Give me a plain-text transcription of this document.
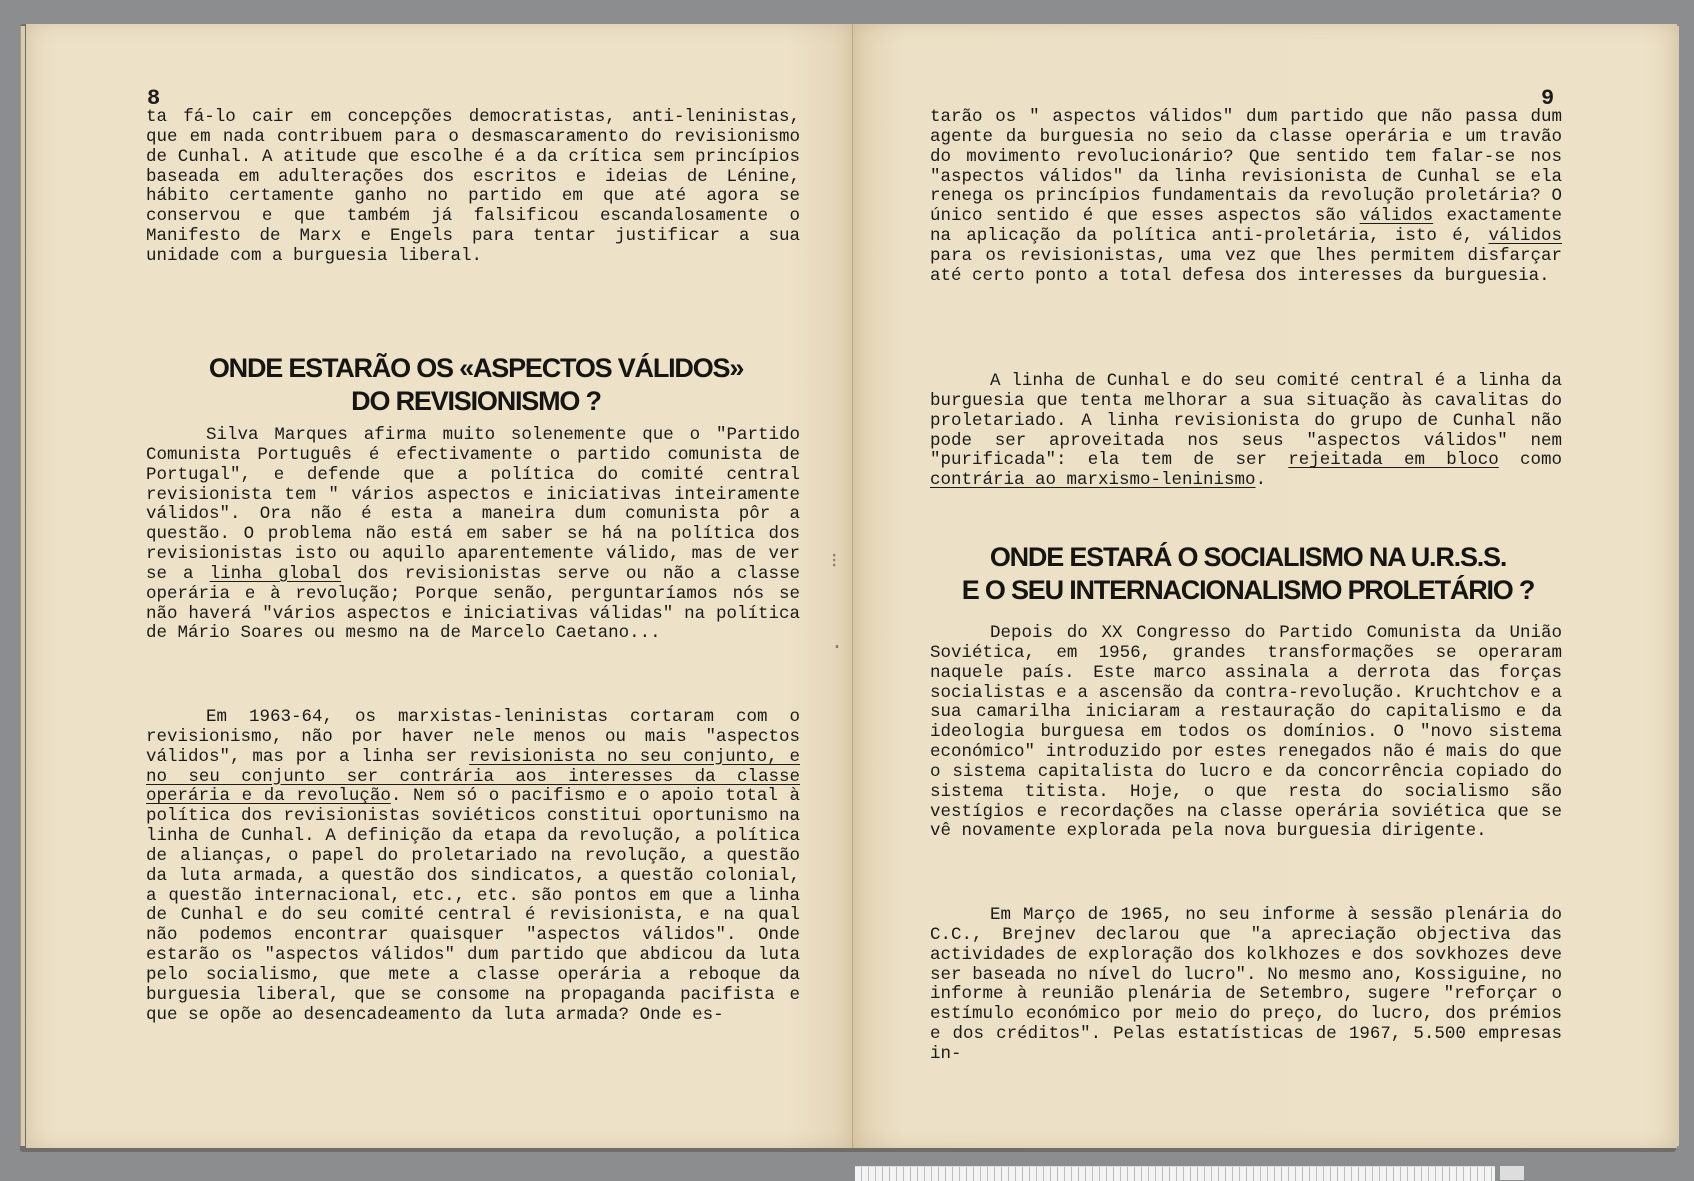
8

ta fá-lo cair em concepções democratistas, anti-leninistas, que em nada contribuem para o desmascaramento do revisionismo de Cunhal. A atitude que escolhe é a da crítica sem princípios baseada em adulterações dos escritos e ideias de Lénine, hábito certamente ganho no partido em que até agora se conservou e que também já falsificou escandalosamente o Manifesto de Marx e Engels para tentar justificar a sua unidade com a burguesia liberal.

ONDE ESTARÃO OS «ASPECTOS VÁLIDOS»
DO REVISIONISMO ?

Silva Marques afirma muito solenemente que o "Partido Comunista Português é efectivamente o partido comunista de Portugal", e defende que a política do comité central revisionista tem " vários aspectos e iniciativas inteiramente válidos". Ora não é esta a maneira dum comunista pôr a questão. O problema não está em saber se há na política dos revisionistas isto ou aquilo aparentemente válido, mas de ver se a linha global dos revisionistas serve ou não a classe operária e à revolução; Porque senão, perguntaríamos nós se não haverá "vários aspectos e iniciativas válidas" na política de Mário Soares ou mesmo na de Marcelo Caetano...

Em 1963-64, os marxistas-leninistas cortaram com o revisionismo, não por haver nele menos ou mais "aspectos válidos", mas por a linha ser revisionista no seu conjunto, e no seu conjunto ser contrária aos interesses da classe operária e da revolução. Nem só o pacifismo e o apoio total à política dos revisionistas soviéticos constitui oportunismo na linha de Cunhal. A definição da etapa da revolução, a política de alianças, o papel do proletariado na revolução, a questão da luta armada, a questão dos sindicatos, a questão colonial, a questão internacional, etc., etc. são pontos em que a linha de Cunhal e do seu comité central é revisionista, e na qual não podemos encontrar quaisquer "aspectos válidos". Onde estarão os "aspectos válidos" dum partido que abdicou da luta pelo socialismo, que mete a classe operária a reboque da burguesia liberal, que se consome na propaganda pacifista e que se opõe ao desencadeamento da luta armada? Onde es-

⁝
·
9

tarão os " aspectos válidos" dum partido que não passa dum agente da burguesia no seio da classe operária e um travão do movimento revolucionário? Que sentido tem falar-se nos "aspectos válidos" da linha revisionista de Cunhal se ela renega os princípios fundamentais da revolução proletária? O único sentido é que esses aspectos são válidos exactamente na aplicação da política anti-proletária, isto é, válidos para os revisionistas, uma vez que lhes permitem disfarçar até certo ponto a total defesa dos interesses da burguesia.

A linha de Cunhal e do seu comité central é a linha da burguesia que tenta melhorar a sua situação às cavalitas do proletariado. A linha revisionista do grupo de Cunhal não pode ser aproveitada nos seus "aspectos válidos" nem "purificada": ela tem de ser rejeitada em bloco como contrária ao marxismo-leninismo.

ONDE ESTARÁ O SOCIALISMO NA U.R.S.S.
E O SEU INTERNACIONALISMO PROLETÁRIO ?

Depois do XX Congresso do Partido Comunista da União Soviética, em 1956, grandes transformações se operaram naquele país. Este marco assinala a derrota das forças socialistas e a ascensão da contra-revolução. Kruchtchov e a sua camarilha iniciaram a restauração do capitalismo e da ideologia burguesa em todos os domínios. O "novo sistema económico" introduzido por estes renegados não é mais do que o sistema capitalista do lucro e da concorrência copiado do sistema titista. Hoje, o que resta do socialismo são vestígios e recordações na classe operária soviética que se vê novamente explorada pela nova burguesia dirigente.

Em Março de 1965, no seu informe à sessão plenária do C.C., Brejnev declarou que "a apreciação objectiva das actividades de exploração dos kolkhozes e dos sovkhozes deve ser baseada no nível do lucro". No mesmo ano, Kossiguine, no informe à reunião plenária de Setembro, sugere "reforçar o estímulo económico por meio do preço, do lucro, dos prémios e dos créditos". Pelas estatísticas de 1967, 5.500 empresas in-
